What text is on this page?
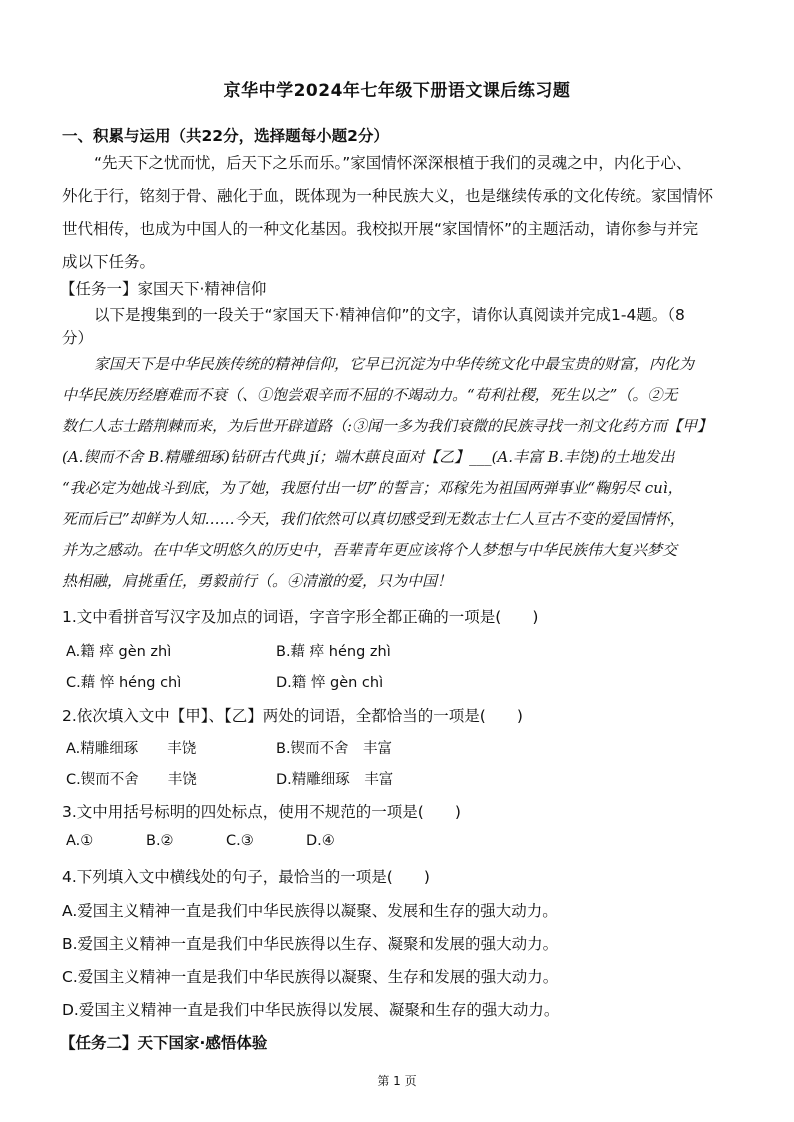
京华中学2024年七年级下册语文课后练习题
一、积累与运用（共22分，选择题每小题2分）
“先天下之忧而忧，后天下之乐而乐。”家国情怀深深根植于我们的灵魂之中，内化于心、
外化于行，铭刻于骨、融化于血，既体现为一种民族大义，也是继续传承的文化传统。家国情怀
世代相传，也成为中国人的一种文化基因。我校拟开展“家国情怀”的主题活动，请你参与并完
成以下任务。
【任务一】家国天下·精神信仰
以下是搜集到的一段关于“家国天下·精神信仰”的文字，请你认真阅读并完成1-4题。（8
分）
家国天下是中华民族传统的精神信仰，它早已沉淀为中华传统文化中最宝贵的财富，内化为
中华民族历经磨难而不衰（、①饱尝艰辛而不屈的不竭动力。“苟利社稷，死生以之”（。②无
数仁人志士踏荆棘而来，为后世开辟道路（:③闻一多为我们衰微的民族寻找一剂文化药方而【甲】
(A.锲而不舍 B.精雕细琢)钻研古代典 jí；端木蕻良面对【乙】___(A.丰富 B.丰饶)的土地发出
“我必定为她战斗到底，为了她，我愿付出一切”的誓言；邓稼先为祖国两弹事业“鞠躬尽 cuì，
死而后已”却鲜为人知……今天，我们依然可以真切感受到无数志士仁人亘古不变的爱国情怀，
并为之感动。在中华文明悠久的历史中，吾辈青年更应该将个人梦想与中华民族伟大复兴梦交
热相融，肩挑重任，勇毅前行（。④清澈的爱，只为中国！
1.文中看拼音写汉字及加点的词语，字音字形全都正确的一项是(　　)
A.籍 瘁 gèn zhì	B.藉 瘁 héng zhì
C.藉 悴 héng chì	D.籍 悴 gèn chì
2.依次填入文中【甲】、【乙】两处的词语，全都恰当的一项是(　　)
A.精雕细琢　　丰饶	B.锲而不舍　丰富
C.锲而不舍　　丰饶	D.精雕细琢　丰富
3.文中用括号标明的四处标点，使用不规范的一项是(　　)
A.①	B.②	C.③	D.④
4.下列填入文中横线处的句子，最恰当的一项是(　　)
A.爱国主义精神一直是我们中华民族得以凝聚、发展和生存的强大动力。
B.爱国主义精神一直是我们中华民族得以生存、凝聚和发展的强大动力。
C.爱国主义精神一直是我们中华民族得以凝聚、生存和发展的强大动力。
D.爱国主义精神一直是我们中华民族得以发展、凝聚和生存的强大动力。
【任务二】天下国家·感悟体验
第 1 页
